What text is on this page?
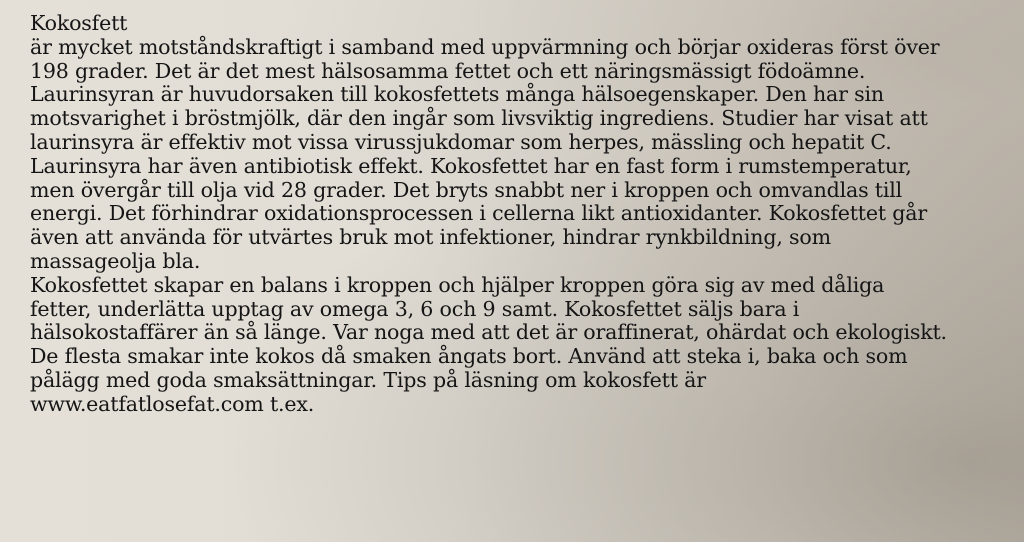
Kokosfett
är mycket motståndskraftigt i samband med uppvärmning och börjar oxideras först över
198 grader. Det är det mest hälsosamma fettet och ett näringsmässigt födoämne.
Laurinsyran är huvudorsaken till kokosfettets många hälsoegenskaper. Den har sin
motsvarighet i bröstmjölk, där den ingår som livsviktig ingrediens. Studier har visat att
laurinsyra är effektiv mot vissa virussjukdomar som herpes, mässling och hepatit C.
Laurinsyra har även antibiotisk effekt. Kokosfettet har en fast form i rumstemperatur,
men övergår till olja vid 28 grader. Det bryts snabbt ner i kroppen och omvandlas till
energi. Det förhindrar oxidationsprocessen i cellerna likt antioxidanter. Kokosfettet går
även att använda för utvärtes bruk mot infektioner, hindrar rynkbildning, som
massageolja bla.
Kokosfettet skapar en balans i kroppen och hjälper kroppen göra sig av med dåliga
fetter, underlätta upptag av omega 3, 6 och 9 samt. Kokosfettet säljs bara i
hälsokostaffärer än så länge. Var noga med att det är oraffinerat, ohärdat och ekologiskt.
De flesta smakar inte kokos då smaken ångats bort. Använd att steka i, baka och som
pålägg med goda smaksättningar. Tips på läsning om kokosfett är
www.eatfatlosefat.com t.ex.
